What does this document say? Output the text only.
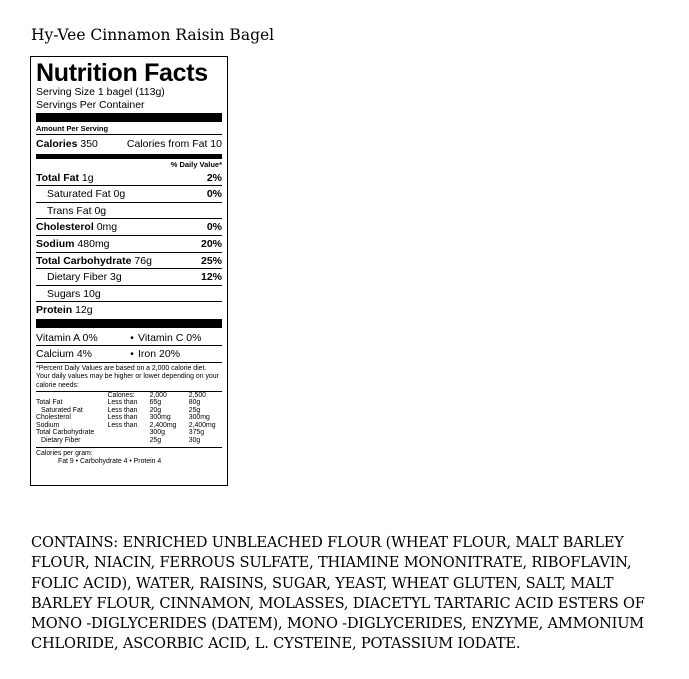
Hy-Vee Cinnamon Raisin Bagel
Nutrition Facts
Serving Size 1 bagel (113g)
Servings Per Container
Amount Per Serving
Calories 350	Calories from Fat 10
% Daily Value*
Total Fat 1g	2%
Saturated Fat 0g	0%
Trans Fat 0g
Cholesterol 0mg	0%
Sodium 480mg	20%
Total Carbohydrate 76g	25%
Dietary Fiber 3g	12%
Sugars 10g
Protein 12g
Vitamin A 0%	• Vitamin C 0%
Calcium 4%	• Iron 20%
*Percent Daily Values are based on a 2,000 calorie diet. Your daily values may be higher or lower depending on your calorie needs:
	Calories:	2,000	2,500
Total Fat	Less than	65g	80g
Saturated Fat	Less than	20g	25g
Cholesterol	Less than	300mg	300mg
Sodium	Less than	2,400mg	2,400mg
Total Carbohydrate		300g	375g
Dietary Fiber		25g	30g
Calories per gram:
Fat 9 • Carbohydrate 4 • Protein 4
CONTAINS: ENRICHED UNBLEACHED FLOUR (WHEAT FLOUR, MALT BARLEY FLOUR, NIACIN, FERROUS SULFATE, THIAMINE MONONITRATE, RIBOFLAVIN, FOLIC ACID), WATER, RAISINS, SUGAR, YEAST, WHEAT GLUTEN, SALT, MALT BARLEY FLOUR, CINNAMON, MOLASSES, DIACETYL TARTARIC ACID ESTERS OF MONO -DIGLYCERIDES (DATEM), MONO -DIGLYCERIDES, ENZYME, AMMONIUM CHLORIDE, ASCORBIC ACID, L. CYSTEINE, POTASSIUM IODATE.
